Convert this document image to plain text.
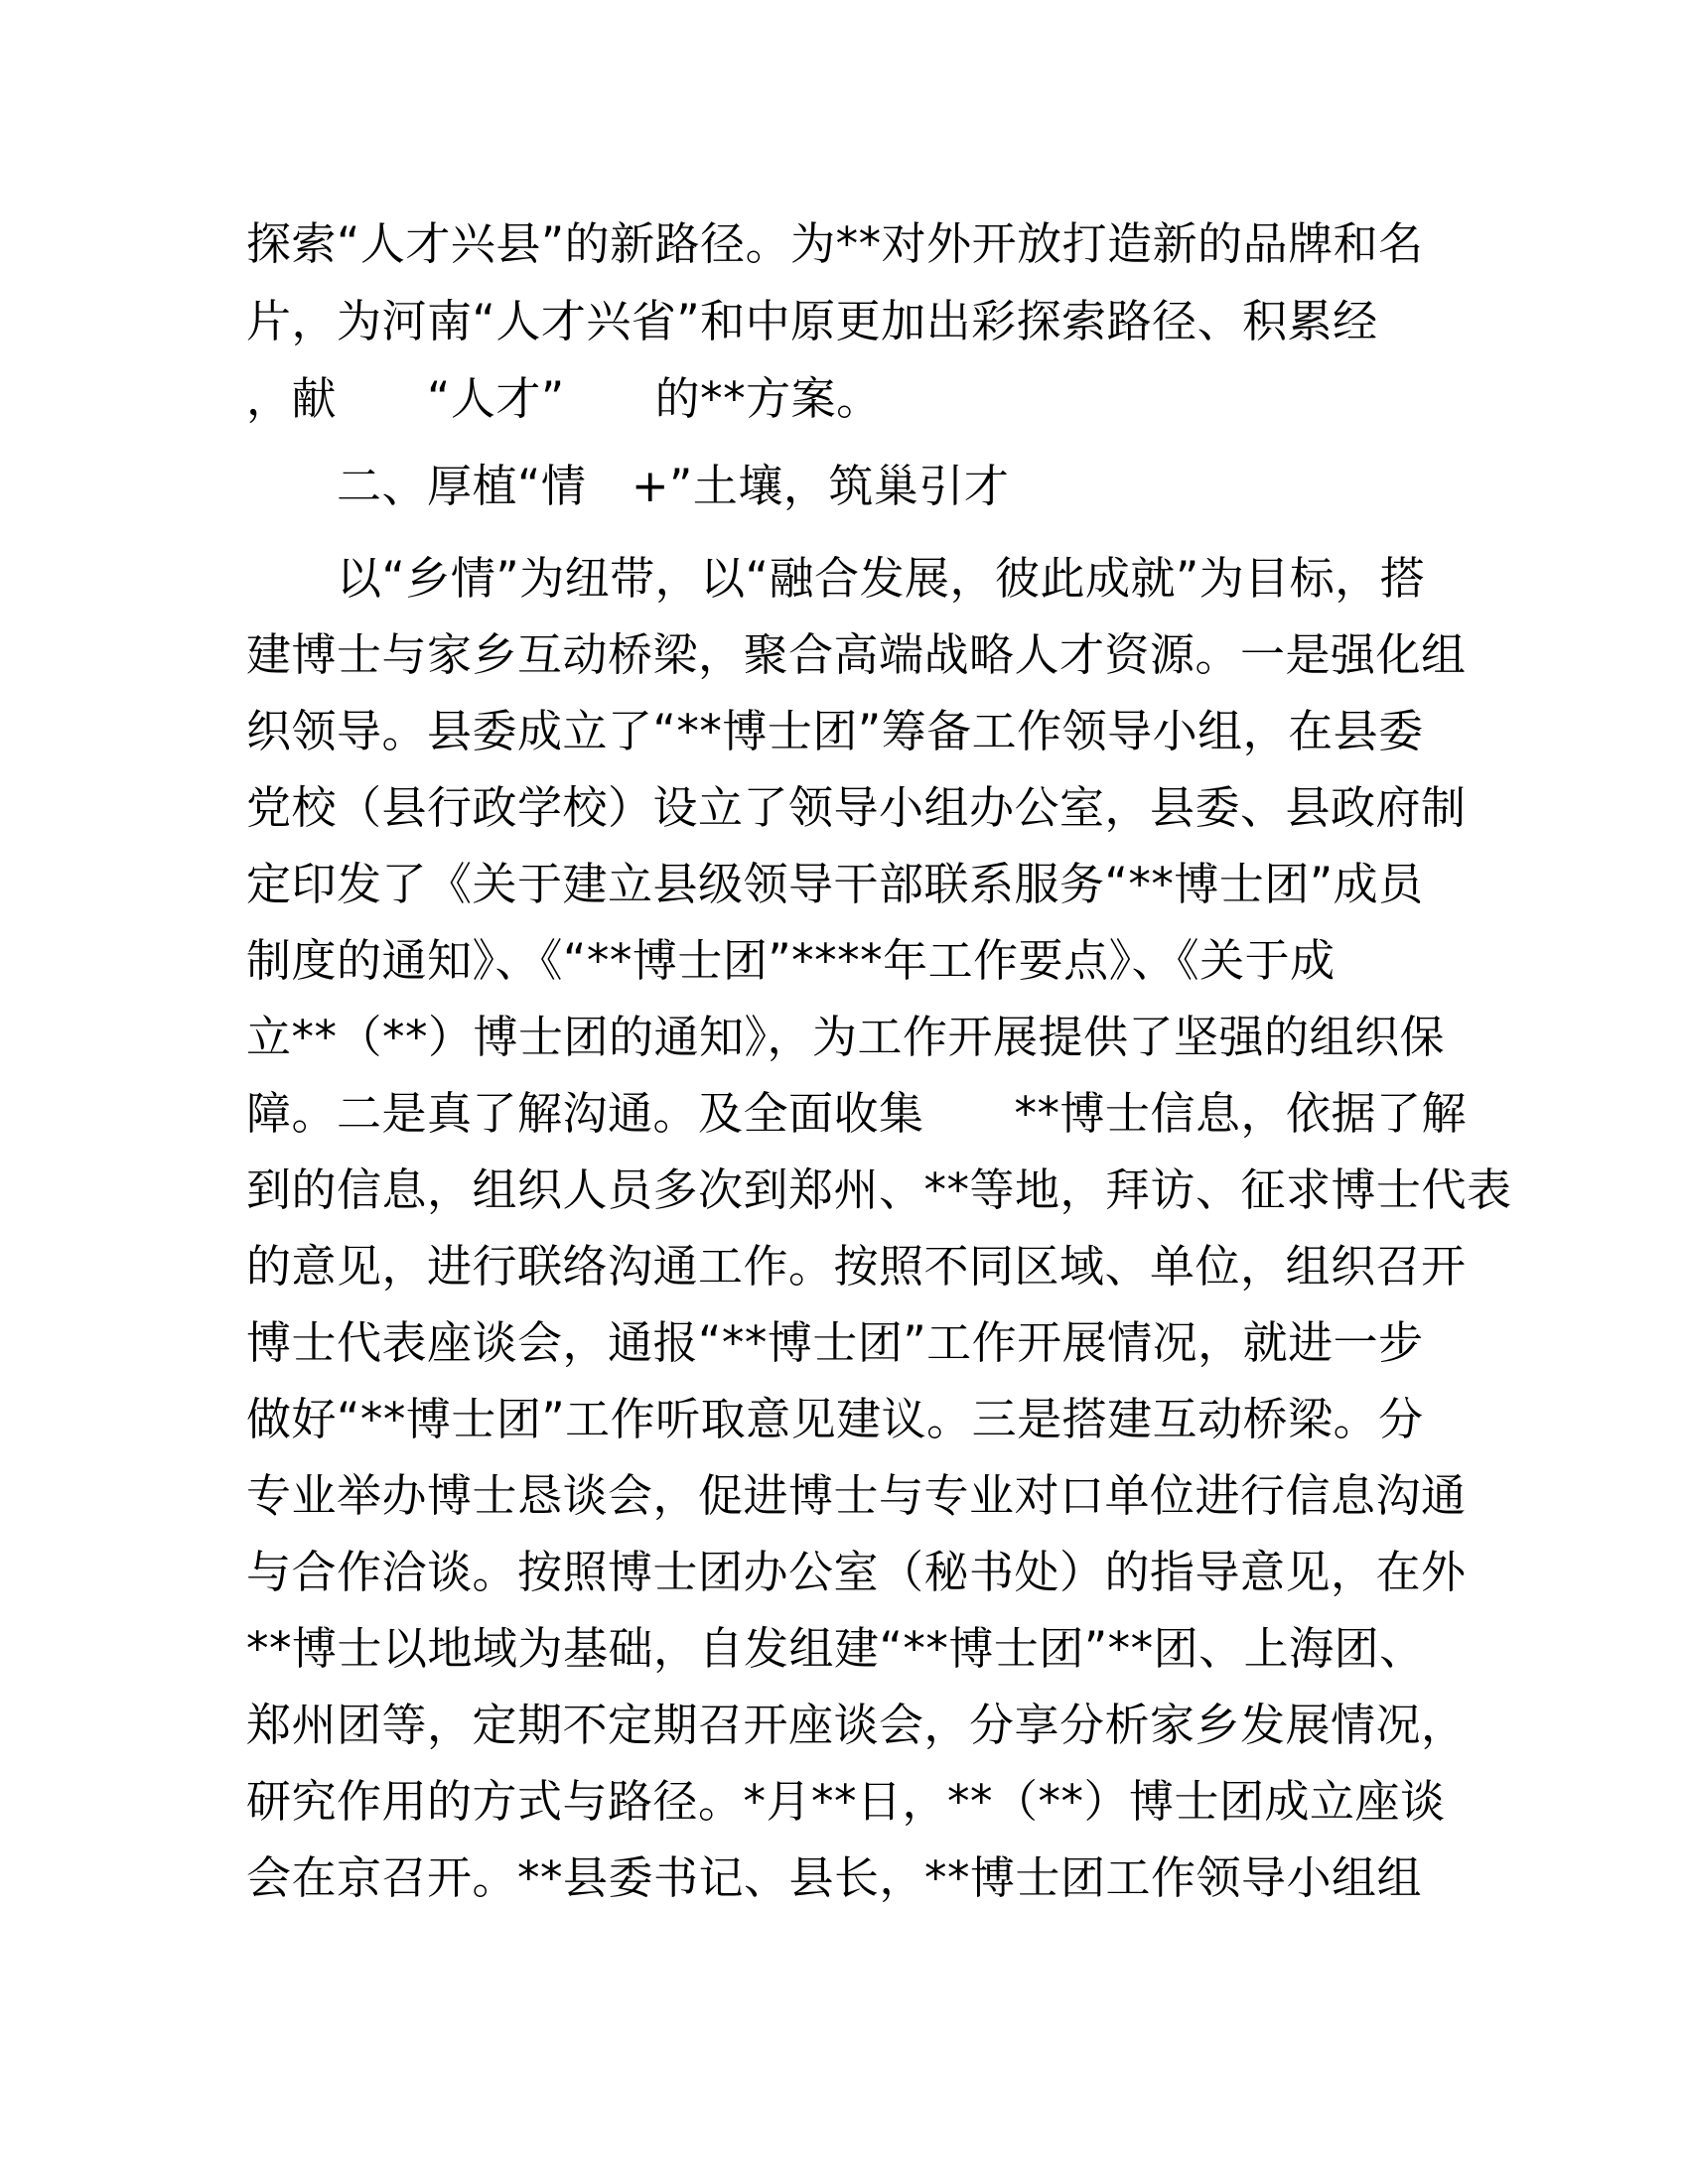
探索“人才兴县”的新路径。为**对外开放打造新的品牌和名
片，为河南“人才兴省”和中原更加出彩探索路径、积累经
，献　　“人才”　　的**方案。
　　二、厚植“情　+”土壤，筑巢引才
　　以“乡情”为纽带，以“融合发展，彼此成就”为目标，搭
建博士与家乡互动桥梁，聚合高端战略人才资源。一是强化组
织领导。县委成立了“**博士团”筹备工作领导小组，在县委
党校（县行政学校）设立了领导小组办公室，县委、县政府制
定印发了《关于建立县级领导干部联系服务“**博士团”成员
制度的通知》、《“**博士团”****年工作要点》、《关于成
立**（**）博士团的通知》，为工作开展提供了坚强的组织保
障。二是真了解沟通。及全面收集　　**博士信息，依据了解
到的信息，组织人员多次到郑州、**等地，拜访、征求博士代表
的意见，进行联络沟通工作。按照不同区域、单位，组织召开
博士代表座谈会，通报“**博士团”工作开展情况，就进一步
做好“**博士团”工作听取意见建议。三是搭建互动桥梁。分
专业举办博士恳谈会，促进博士与专业对口单位进行信息沟通
与合作洽谈。按照博士团办公室（秘书处）的指导意见，在外
**博士以地域为基础，自发组建“**博士团”**团、上海团、
郑州团等，定期不定期召开座谈会，分享分析家乡发展情况，
研究作用的方式与路径。*月**日，**（**）博士团成立座谈
会在京召开。**县委书记、县长，**博士团工作领导小组组
